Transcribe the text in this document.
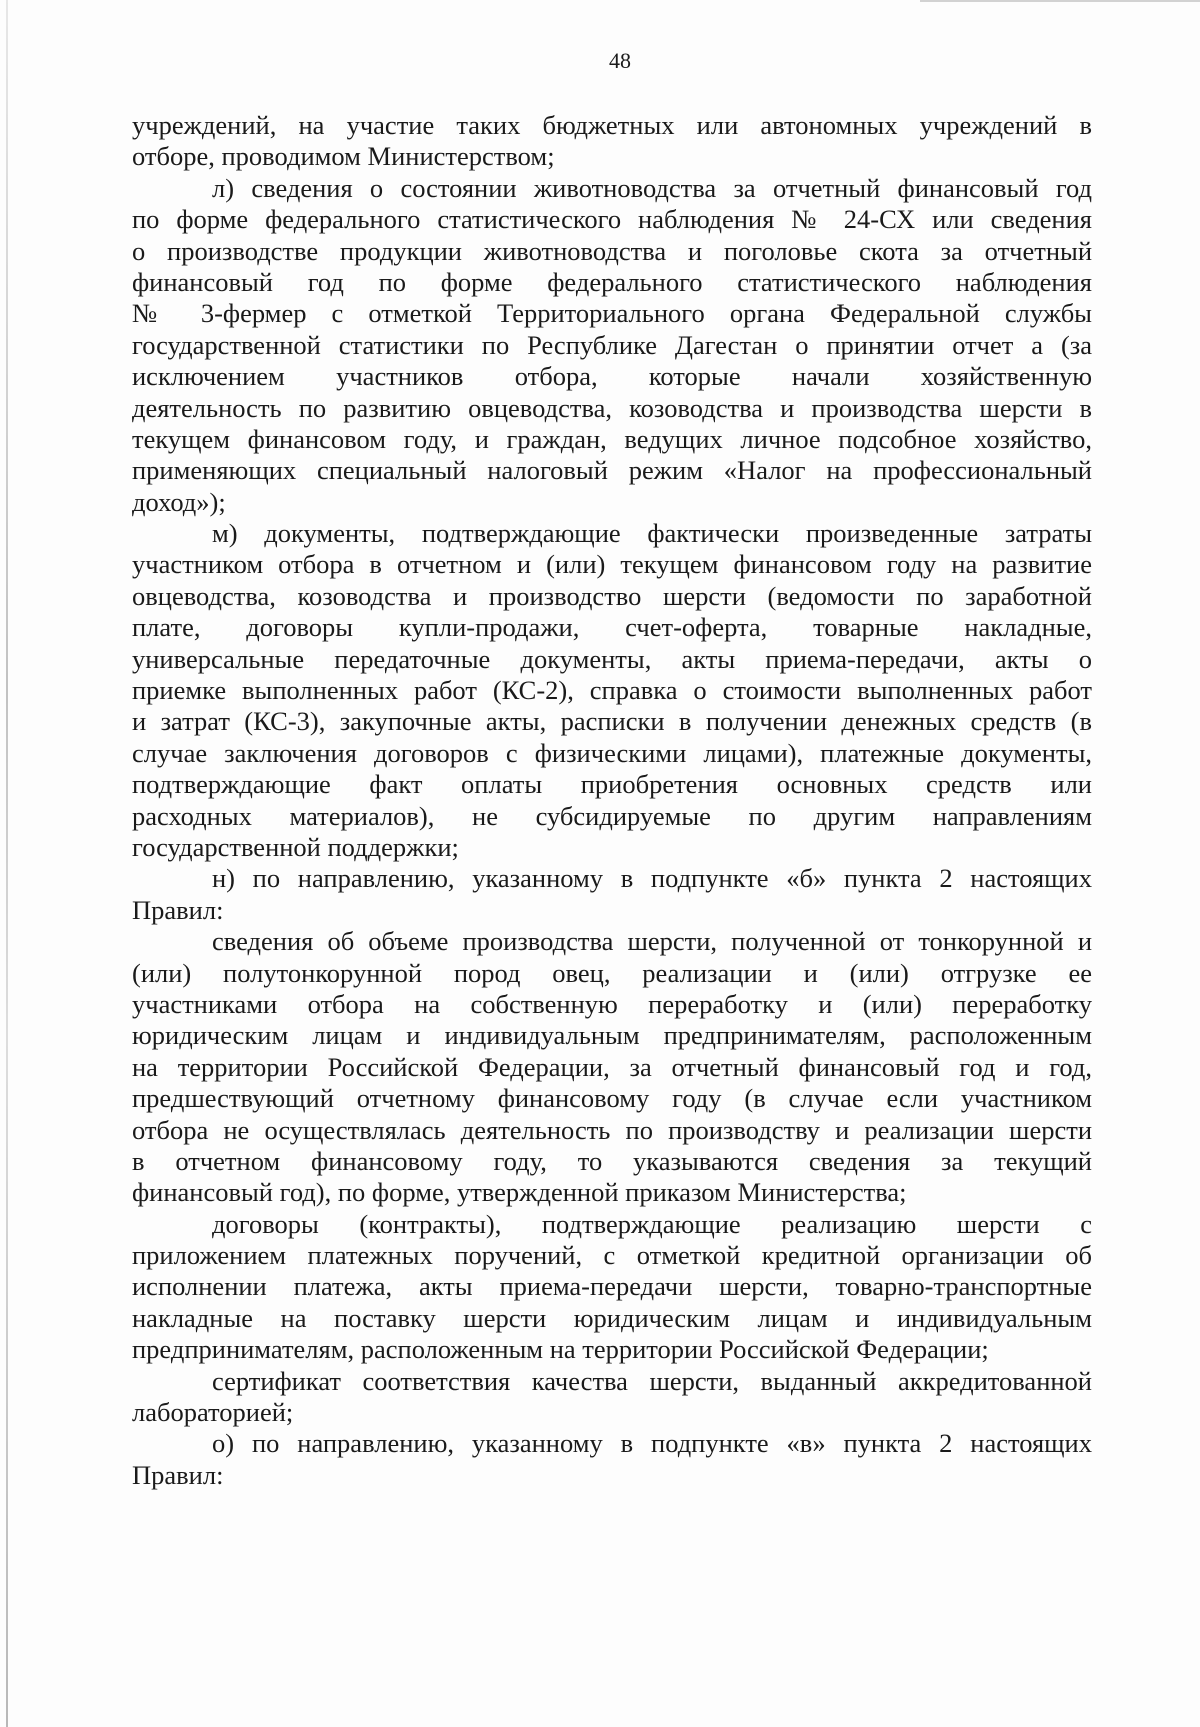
48
учреждений, на участие таких бюджетных или автономных учреждений в
отборе, проводимом Министерством;
л) сведения о состоянии животноводства за отчетный финансовый год
по форме федерального статистического наблюдения № 24-СХ или сведения
о производстве продукции животноводства и поголовье скота за отчетный
финансовый год по форме федерального статистического наблюдения
№ 3-фермер с отметкой Территориального органа Федеральной службы
государственной статистики по Республике Дагестан о принятии отчет а (за
исключением участников отбора, которые начали хозяйственную
деятельность по развитию овцеводства, козоводства и производства шерсти в
текущем финансовом году, и граждан, ведущих личное подсобное хозяйство,
применяющих специальный налоговый режим «Налог на профессиональный
доход»);
м) документы, подтверждающие фактически произведенные затраты
участником отбора в отчетном и (или) текущем финансовом году на развитие
овцеводства, козоводства и производство шерсти (ведомости по заработной
плате, договоры купли-продажи, счет-оферта, товарные накладные,
универсальные передаточные документы, акты приема-передачи, акты о
приемке выполненных работ (КС-2), справка о стоимости выполненных работ
и затрат (КС-3), закупочные акты, расписки в получении денежных средств (в
случае заключения договоров с физическими лицами), платежные документы,
подтверждающие факт оплаты приобретения основных средств или
расходных материалов), не субсидируемые по другим направлениям
государственной поддержки;
н) по направлению, указанному в подпункте «б» пункта 2 настоящих
Правил:
сведения об объеме производства шерсти, полученной от тонкорунной и
(или) полутонкорунной пород овец, реализации и (или) отгрузке ее
участниками отбора на собственную переработку и (или) переработку
юридическим лицам и индивидуальным предпринимателям, расположенным
на территории Российской Федерации, за отчетный финансовый год и год,
предшествующий отчетному финансовому году (в случае если участником
отбора не осуществлялась деятельность по производству и реализации шерсти
в отчетном финансовому году, то указываются сведения за текущий
финансовый год), по форме, утвержденной приказом Министерства;
договоры (контракты), подтверждающие реализацию шерсти с
приложением платежных поручений, с отметкой кредитной организации об
исполнении платежа, акты приема-передачи шерсти, товарно-транспортные
накладные на поставку шерсти юридическим лицам и индивидуальным
предпринимателям, расположенным на территории Российской Федерации;
сертификат соответствия качества шерсти, выданный аккредитованной
лабораторией;
о) по направлению, указанному в подпункте «в» пункта 2 настоящих
Правил:
